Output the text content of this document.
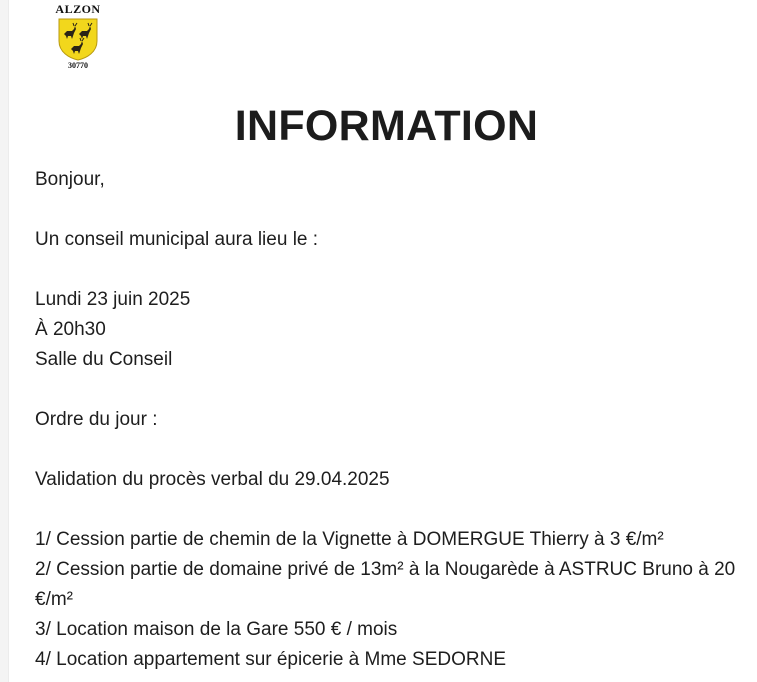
ALZON
30770
INFORMATION

Bonjour,

Un conseil municipal aura lieu le :

Lundi 23 juin 2025

À 20h30

Salle du Conseil

Ordre du jour :

Validation du procès verbal du 29.04.2025

1/ Cession partie de chemin de la Vignette à DOMERGUE Thierry à 3 €/m²

2/ Cession partie de domaine privé de 13m² à la Nougarède à ASTRUC Bruno à 20 €/m²

3/ Location maison de la Gare 550 € / mois

4/ Location appartement sur épicerie à Mme SEDORNE
